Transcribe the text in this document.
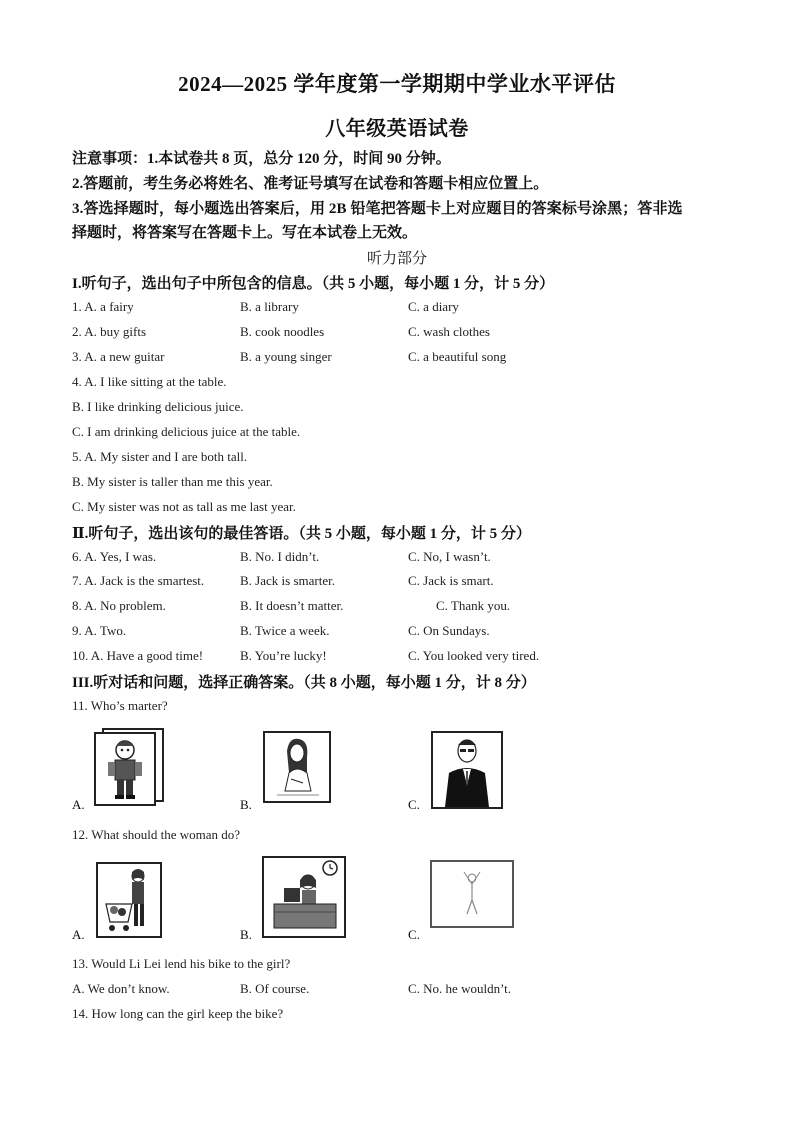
2024—2025 学年度第一学期期中学业水平评估
八年级英语试卷
注意事项：1.本试卷共 8 页，总分 120 分，时间 90 分钟。
2.答题前，考生务必将姓名、准考证号填写在试卷和答题卡相应位置上。
3.答选择题时，每小题选出答案后，用 2B 铅笔把答题卡上对应题目的答案标号涂黑；答非选
择题时，将答案写在答题卡上。写在本试卷上无效。
听力部分
I.听句子，选出句子中所包含的信息。（共 5 小题，每小题 1 分，计 5 分）
1. A. a fairy	B. a library	C. a diary
2. A. buy gifts	B. cook noodles	C. wash clothes
3. A. a new guitar	B. a young singer	C. a beautiful song
4. A. I like sitting at the table.
B. I like drinking delicious juice.
C. I am drinking delicious juice at the table.
5. A. My sister and I are both tall.
B. My sister is taller than me this year.
C. My sister was not as tall as me last year.
Ⅱ.听句子，选出该句的最佳答语。（共 5 小题，每小题 1 分，计 5 分）
6. A. Yes, I was.	B. No. I didn’t.	C. No, I wasn’t.
7. A. Jack is the smartest.	B. Jack is smarter.	C. Jack is smart.
8. A. No problem.	B. It doesn’t matter.	C. Thank you.
9. A. Two.	B. Twice a week.	C. On Sundays.
10. A. Have a good time!	B. You’re lucky!	C. You looked very tired.
III.听对话和问题，选择正确答案。（共 8 小题，每小题 1 分，计 8 分）
11. Who’s marter?
A.	B.	C.
12. What should the woman do?
A.	B.	C.
13. Would Li Lei lend his bike to the girl?
A. We don’t know.	B. Of course.	C. No. he wouldn’t.
14. How long can the girl keep the bike?
